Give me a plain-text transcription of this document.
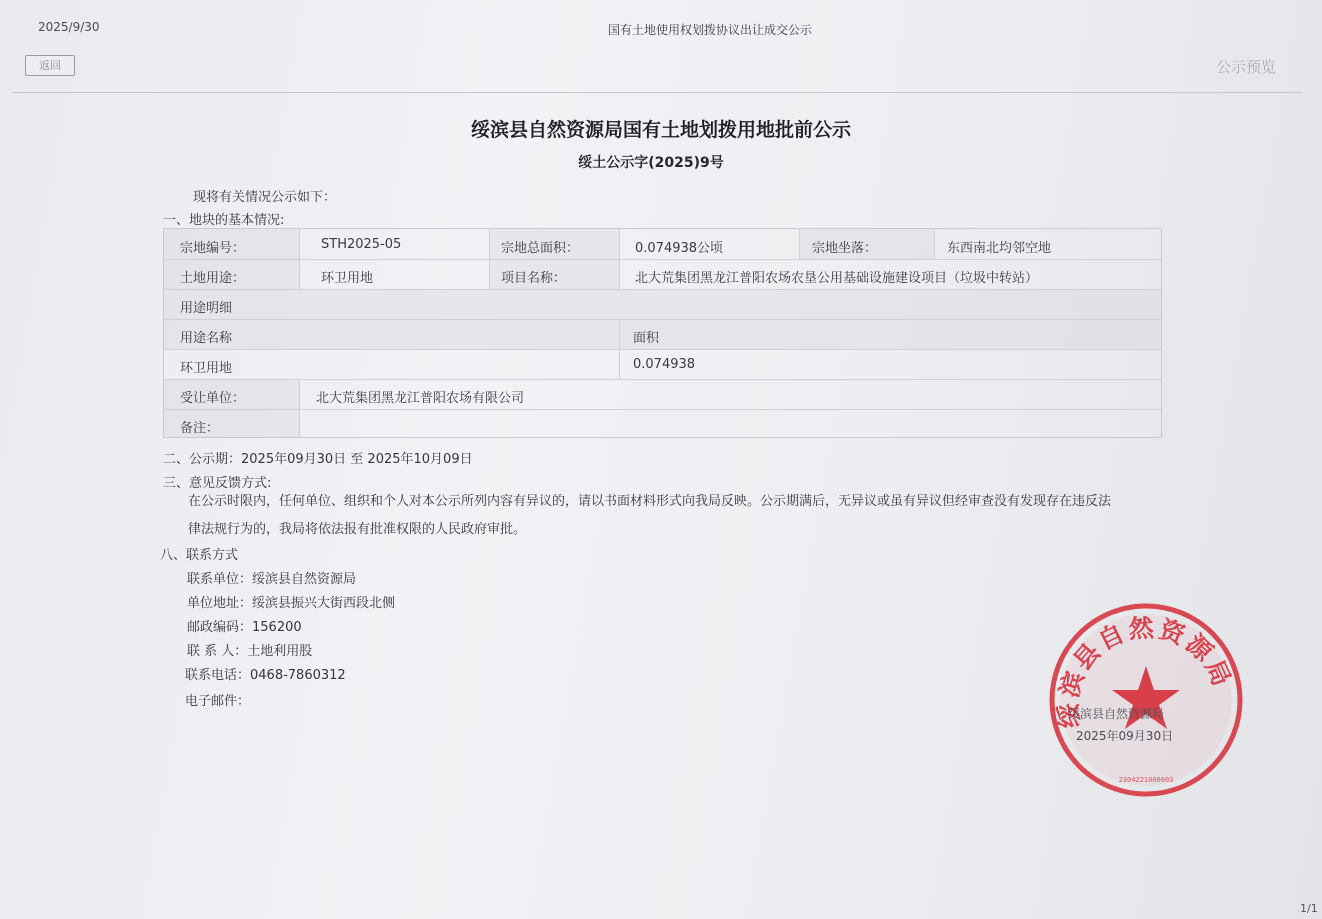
2025/9/30	国有土地使用权划拨协议出让成交公示
返回	公示预览
绥滨县自然资源局国有土地划拨用地批前公示
绥土公示字(2025)9号
现将有关情况公示如下：
一、地块的基本情况:
宗地编号：	STH2025-05	宗地总面积：	0.074938公顷	宗地坐落：	东西南北均邻空地
土地用途：	环卫用地	项目名称：	北大荒集团黑龙江普阳农场农垦公用基础设施建设项目（垃圾中转站）
用途明细
用途名称	面积
环卫用地	0.074938
受让单位：	北大荒集团黑龙江普阳农场有限公司
备注：
二、公示期：2025年09月30日 至 2025年10月09日
三、意见反馈方式:
在公示时限内，任何单位、组织和个人对本公示所列内容有异议的，请以书面材料形式向我局反映。公示期满后，无异议或虽有异议但经审查没有发现存在违反法
律法规行为的，我局将依法报有批准权限的人民政府审批。
八、联系方式
联系单位：绥滨县自然资源局
单位地址：绥滨县振兴大街西段北侧
邮政编码：156200
联 系 人：土地利用股
联系电话：0468-7860312
电子邮件：	绥滨县自然资源局
2304221000003
绥滨县自然资源局
2025年09月30日
1/1
